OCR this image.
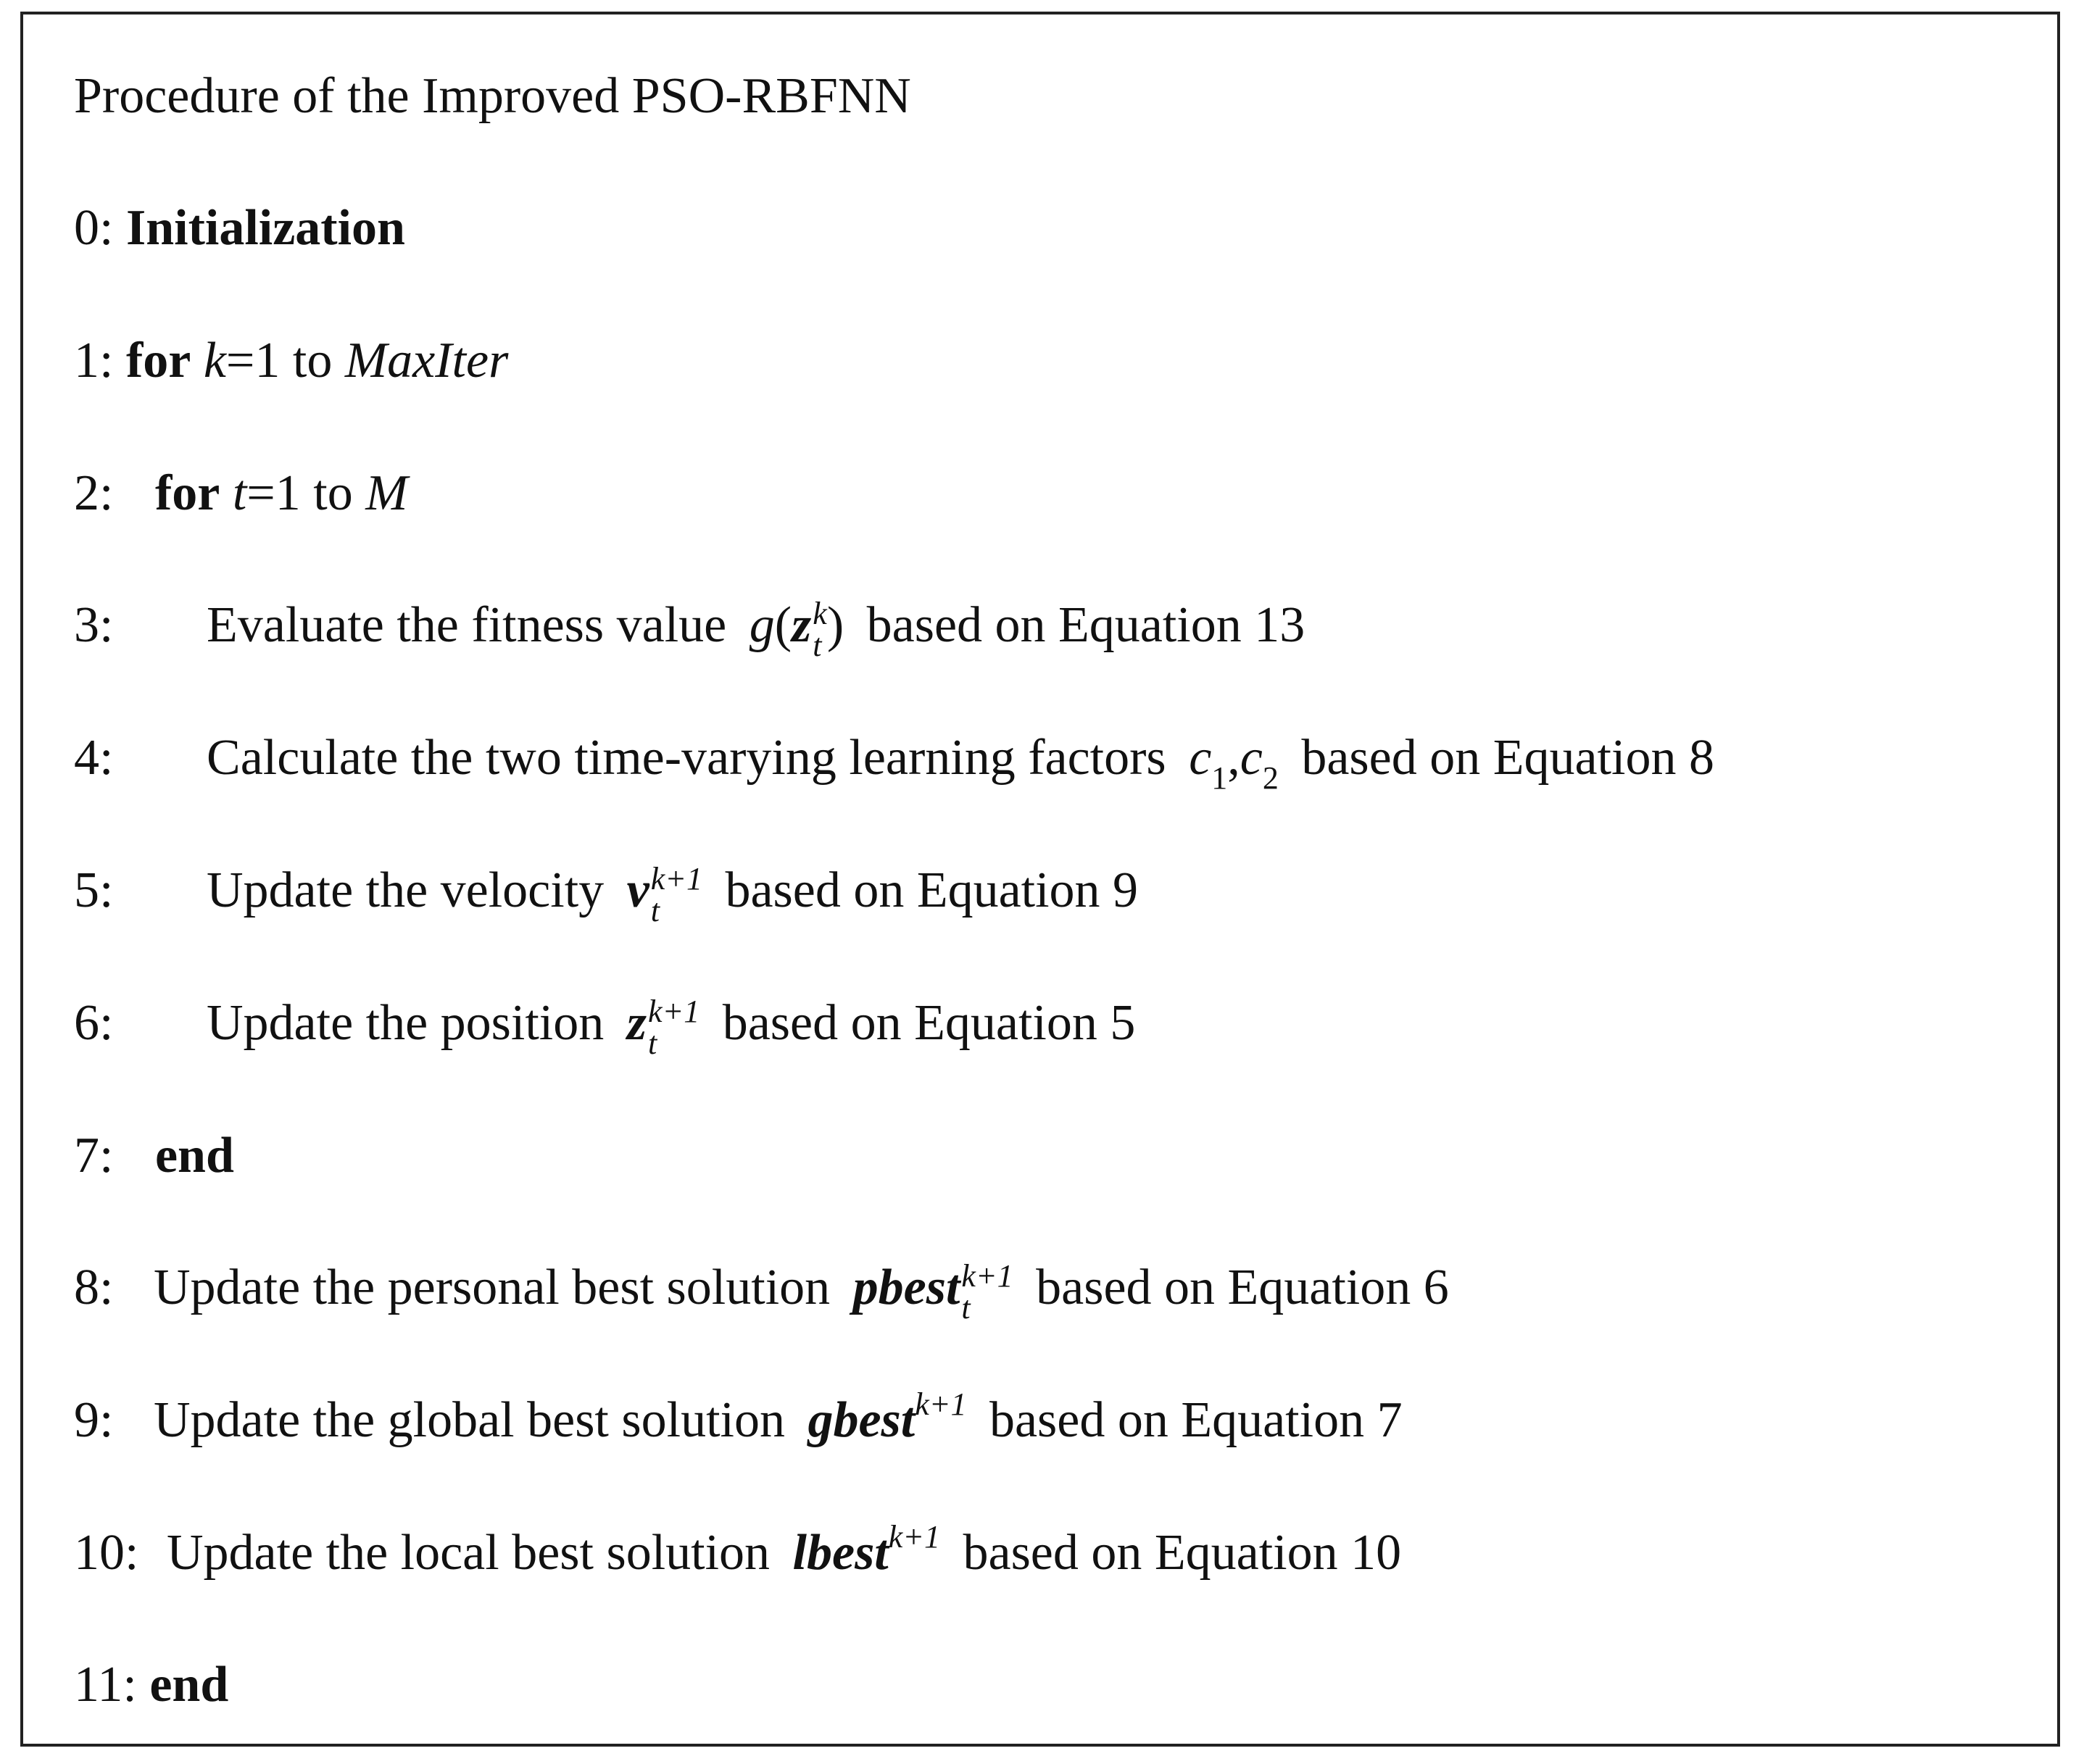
Procedure of the Improved PSO-RBFNN
0: Initialization
1: for k=1 to MaxIter
2: for t=1 to M
3: Evaluate the fitness value g(z k
t ) based on Equation 13
4: Calculate the two time-varying learning factors $c_1,c_2$ based on Equation 8
5: Update the velocity v k+1
t	based on Equation 9
6: Update the position z k+1
t	based on Equation 5
7: end
8: Update the personal best solution pbest k+1
t	based on Equation 6
9: Update the global best solution gbest$^{k+1}$ based on Equation 7
10: Update the local best solution lbest$^{k+1}$ based on Equation 10
11: end
